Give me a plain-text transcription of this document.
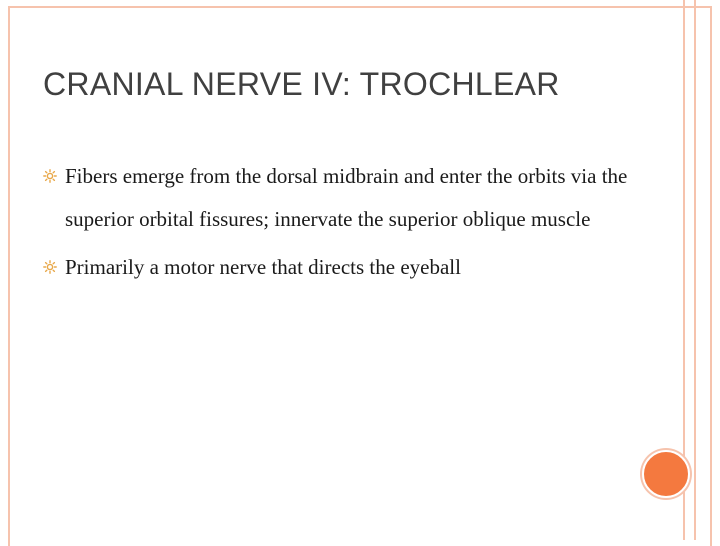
CRANIAL NERVE IV: TROCHLEAR
Fibers emerge from the dorsal midbrain and enter the orbits via the superior orbital fissures; innervate the superior oblique muscle
Primarily a motor nerve that directs the eyeball
